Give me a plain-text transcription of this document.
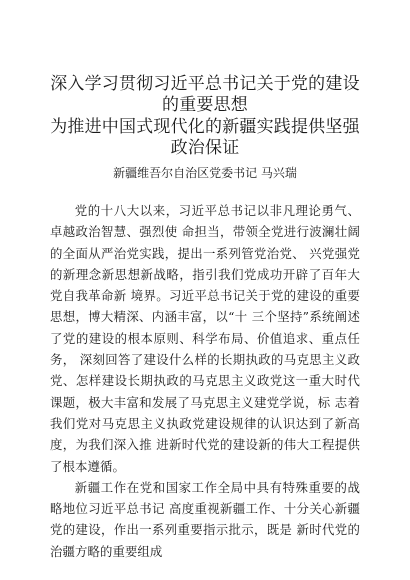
深入学习贯彻习近平总书记关于党的建设的重要思想
为推进中国式现代化的新疆实践提供坚强政治保证

新疆维吾尔自治区党委书记 马兴瑞

党的十八大以来，习近平总书记以非凡理论勇气、卓越政治智慧、强烈使 命担当，带领全党进行波澜壮阔的全面从严治党实践，提出一系列管党治党、 兴党强党的新理念新思想新战略，指引我们党成功开辟了百年大党自我革命新 境界。习近平总书记关于党的建设的重要思想，博大精深、内涵丰富，以“十 三个坚持”系统阐述了党的建设的根本原则、科学布局、价值追求、重点任务， 深刻回答了建设什么样的长期执政的马克思主义政党、怎样建设长期执政的马克思主义政党这一重大时代课题，极大丰富和发展了马克思主义建党学说，标 志着我们党对马克思主义执政党建设规律的认识达到了新高度，为我们深入推 进新时代党的建设新的伟大工程提供了根本遵循。

新疆工作在党和国家工作全局中具有特殊重要的战略地位习近平总书记 高度重视新疆工作、十分关心新疆党的建设，作出一系列重要指示批示，既是 新时代党的治疆方略的重要组成
